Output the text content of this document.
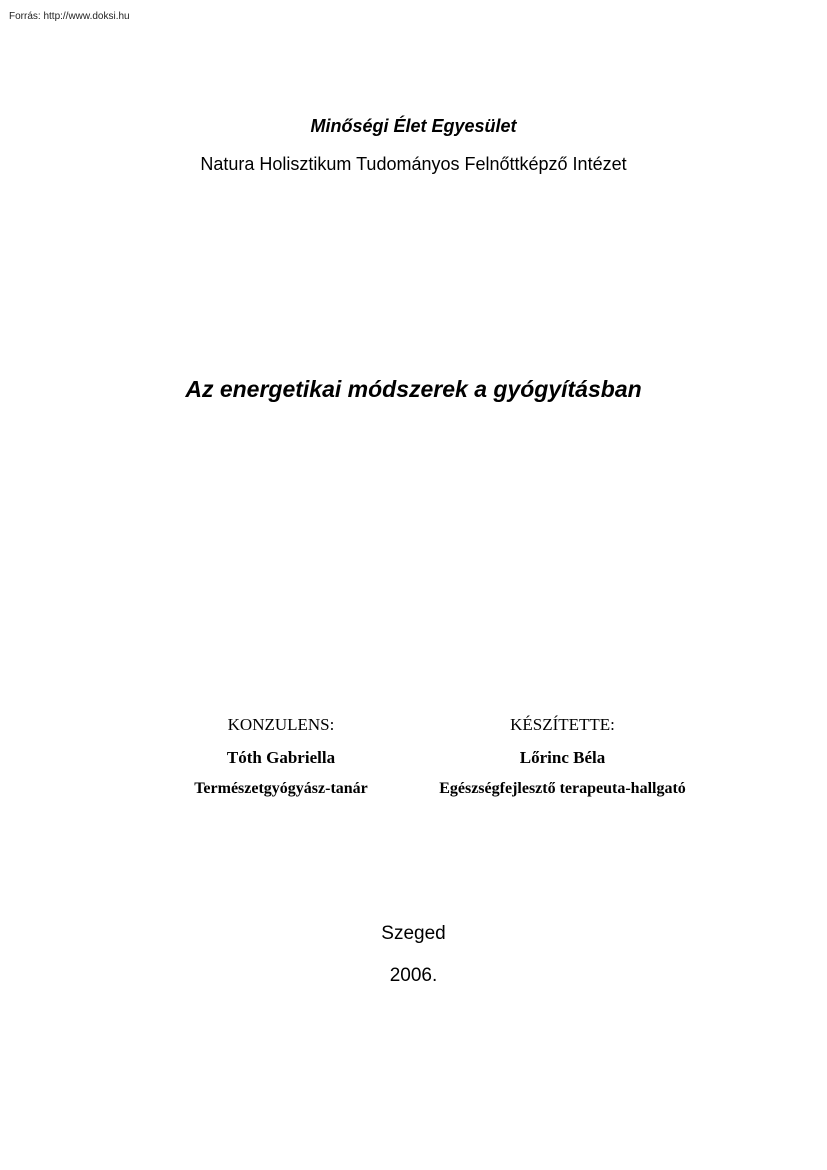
Forrás: http://www.doksi.hu
Minőségi Élet Egyesület
Natura Holisztikum Tudományos Felnőttképző Intézet
Az energetikai módszerek a gyógyításban
KONZULENS:
Tóth Gabriella
Természetgyógyász-tanár
KÉSZÍTETTE:
Lőrinc Béla
Egészségfejlesztő terapeuta-hallgató
Szeged
2006.
